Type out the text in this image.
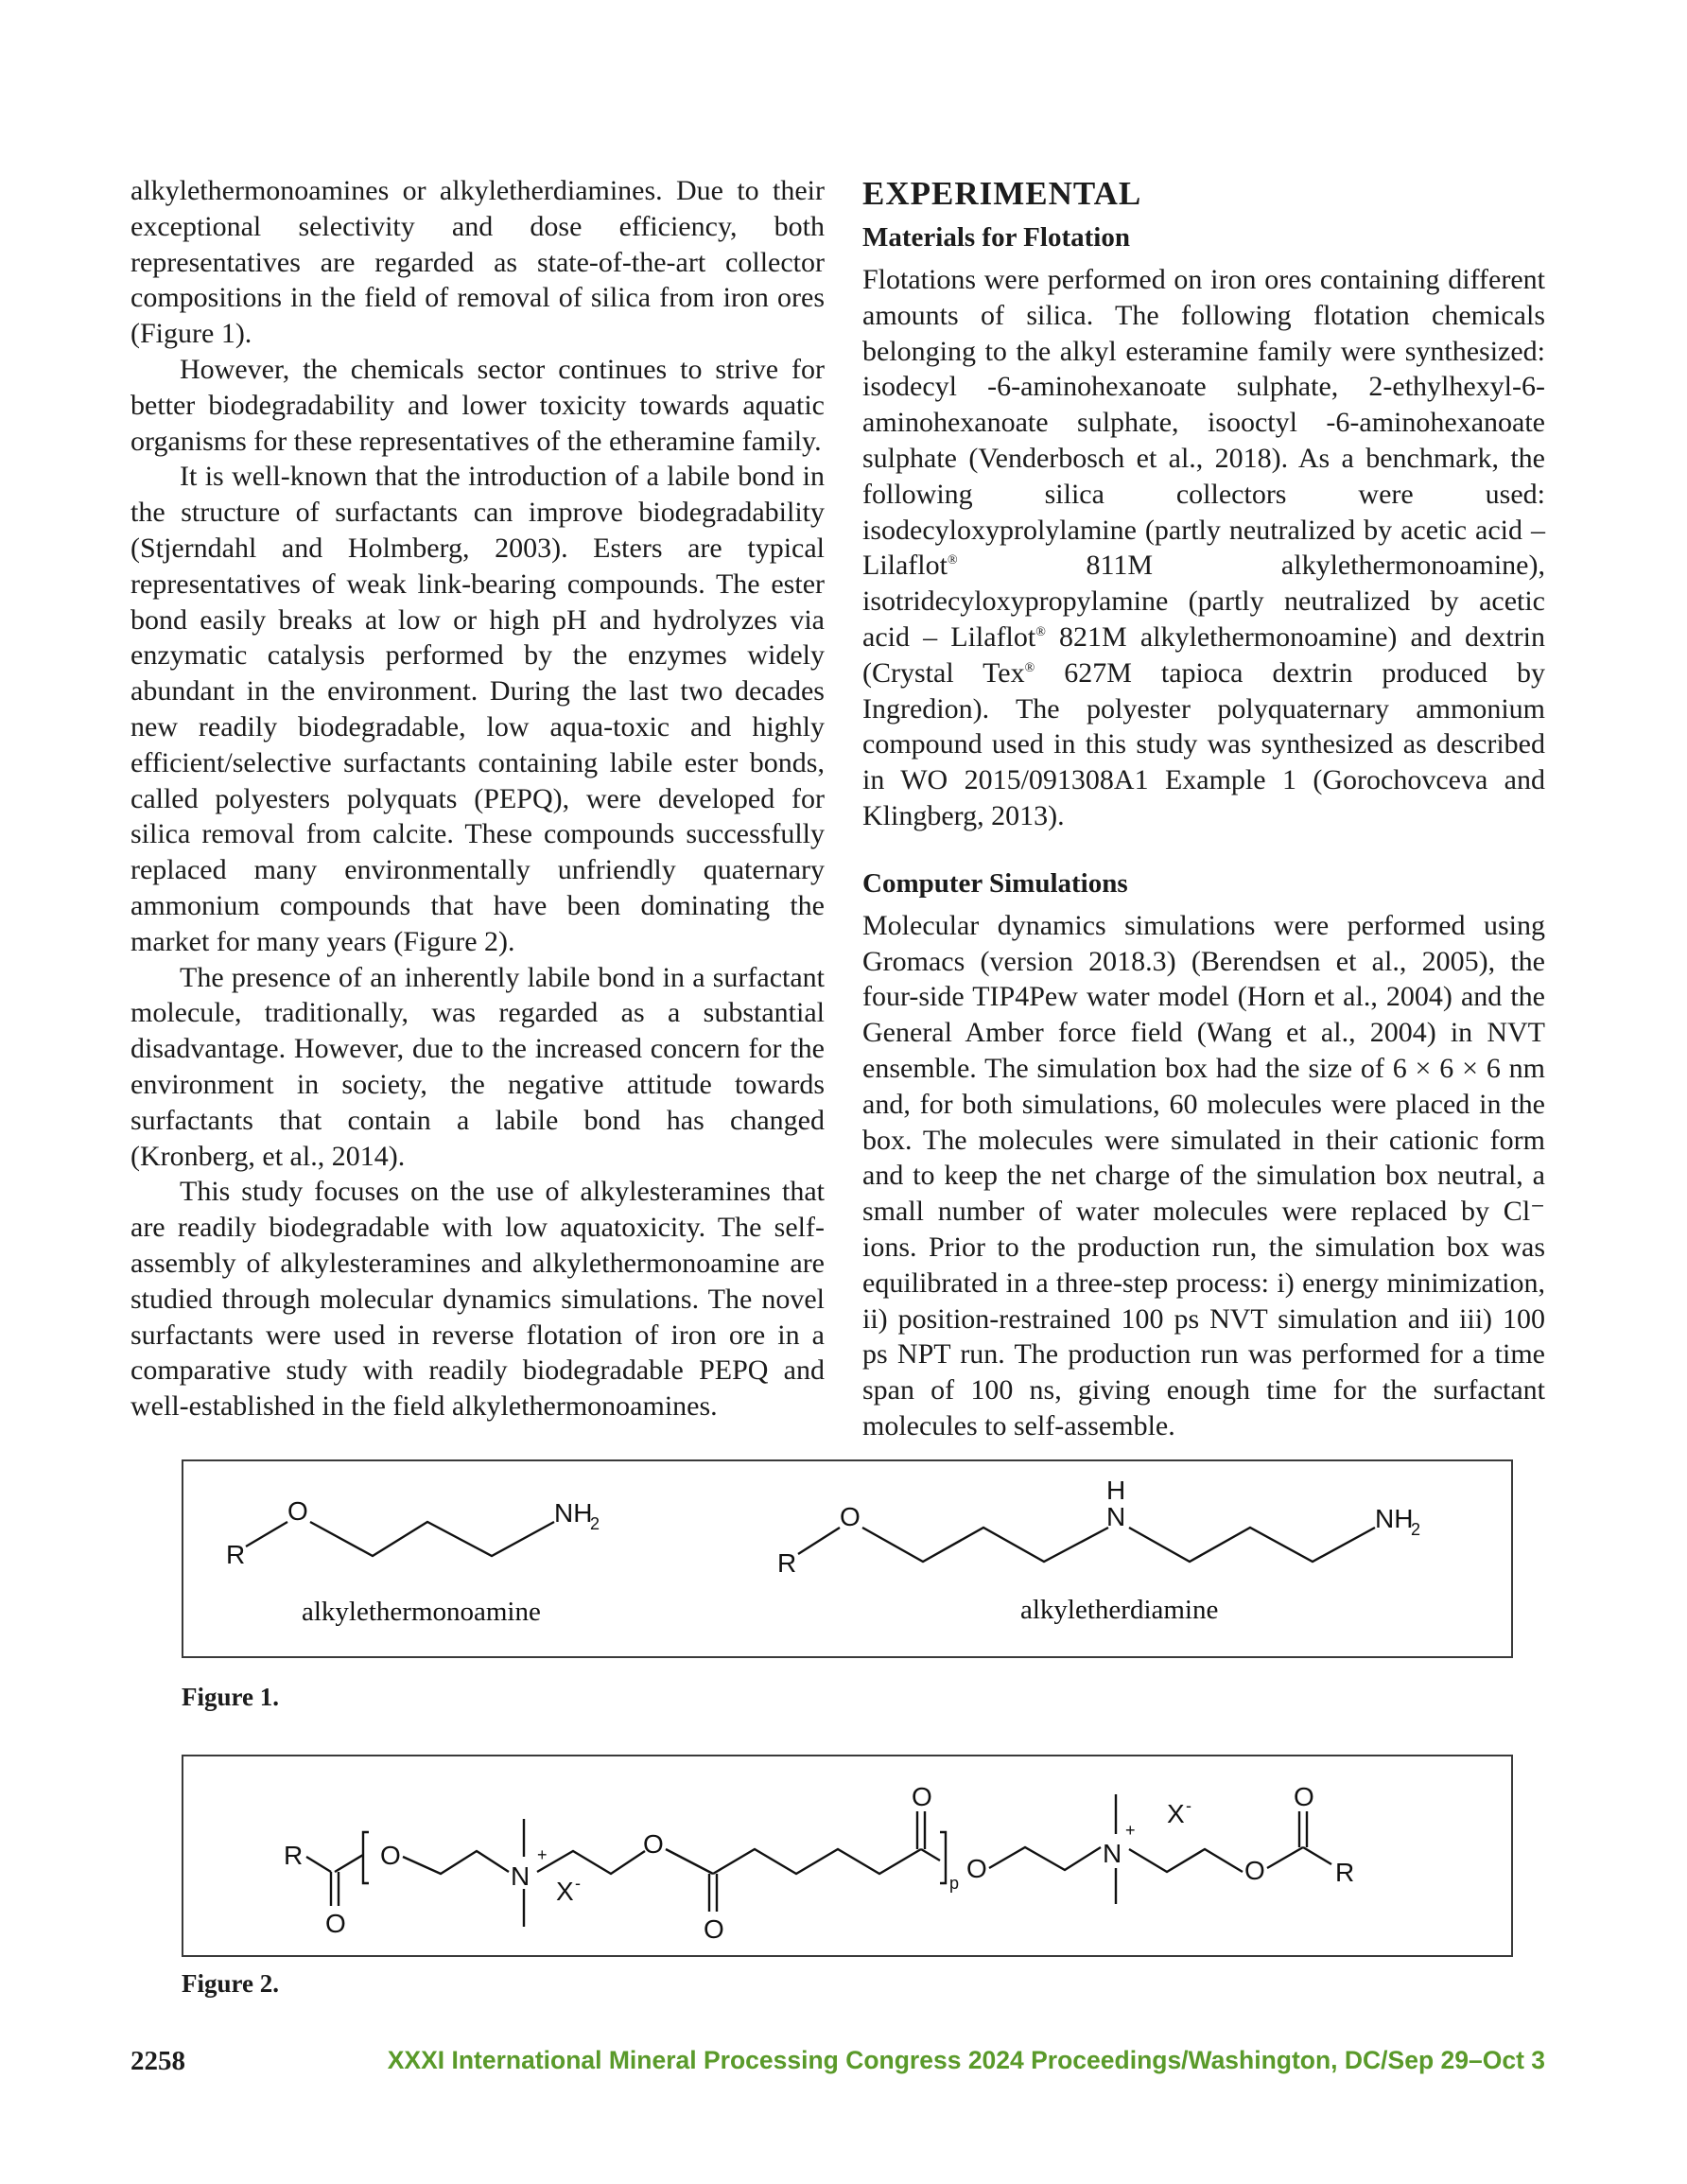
alkylethermonoamines or alkyletherdiamines. Due to their exceptional selectivity and dose efficiency, both representatives are regarded as state-of-the-art collector compositions in the field of removal of silica from iron ores (Figure 1).

However, the chemicals sector continues to strive for better biodegradability and lower toxicity towards aquatic organisms for these representatives of the etheramine family.

It is well-known that the introduction of a labile bond in the structure of surfactants can improve biodegradability (Stjerndahl and Holmberg, 2003). Esters are typical representatives of weak link-bearing compounds. The ester bond easily breaks at low or high pH and hydrolyzes via enzymatic catalysis performed by the enzymes widely abundant in the environment. During the last two decades new readily biodegradable, low aqua-toxic and highly efficient/selective surfactants containing labile ester bonds, called polyesters polyquats (PEPQ), were developed for silica removal from calcite. These compounds successfully replaced many environmentally unfriendly quaternary ammonium compounds that have been dominating the market for many years (Figure 2).

The presence of an inherently labile bond in a surfactant molecule, traditionally, was regarded as a substantial disadvantage. However, due to the increased concern for the environment in society, the negative attitude towards surfactants that contain a labile bond has changed (Kronberg, et al., 2014).

This study focuses on the use of alkylesteramines that are readily biodegradable with low aquatoxicity. The self-assembly of alkylesteramines and alkylethermonoamine are studied through molecular dynamics simulations. The novel surfactants were used in reverse flotation of iron ore in a comparative study with readily biodegradable PEPQ and well-established in the field alkylethermonoamines.

EXPERIMENTAL
Materials for Flotation

Flotations were performed on iron ores containing different amounts of silica. The following flotation chemicals belonging to the alkyl esteramine family were synthesized: isodecyl -6-aminohexanoate sulphate, 2-ethylhexyl-6-aminohexanoate sulphate, isooctyl -6-aminohexanoate sulphate (Venderbosch et al., 2018). As a benchmark, the following silica collectors were used: isodecyloxyprolylamine (partly neutralized by acetic acid – Lilaflot® 811M alkylethermonoamine), isotridecyloxypropylamine (partly neutralized by acetic acid – Lilaflot® 821M alkylethermonoamine) and dextrin (Crystal Tex® 627M tapioca dextrin produced by Ingredion). The polyester polyquaternary ammonium compound used in this study was synthesized as described in WO 2015/091308A1 Example 1 (Gorochovceva and Klingberg, 2013).

Computer Simulations

Molecular dynamics simulations were performed using Gromacs (version 2018.3) (Berendsen et al., 2005), the four-side TIP4Pew water model (Horn et al., 2004) and the General Amber force field (Wang et al., 2004) in NVT ensemble. The simulation box had the size of 6 × 6 × 6 nm and, for both simulations, 60 molecules were placed in the box. The molecules were simulated in their cationic form and to keep the net charge of the simulation box neutral, a small number of water molecules were replaced by Cl⁻ ions. Prior to the production run, the simulation box was equilibrated in a three-step process: i) energy minimization, ii) position-restrained 100 ps NVT simulation and iii) 100 ps NPT run. The production run was performed for a time span of 100 ns, giving enough time for the surfactant molecules to self-assemble.

R
O	NH
2
alkylethermonoamine
R
O
H
N	NH
2
alkyletherdiamine
Figure 1.
R
O
O
N
+
X -
O
O
O
p O
N
+
X -
O
O
R
Figure 2.
2258	XXXI International Mineral Processing Congress 2024 Proceedings/Washington, DC/Sep 29–Oct 3
